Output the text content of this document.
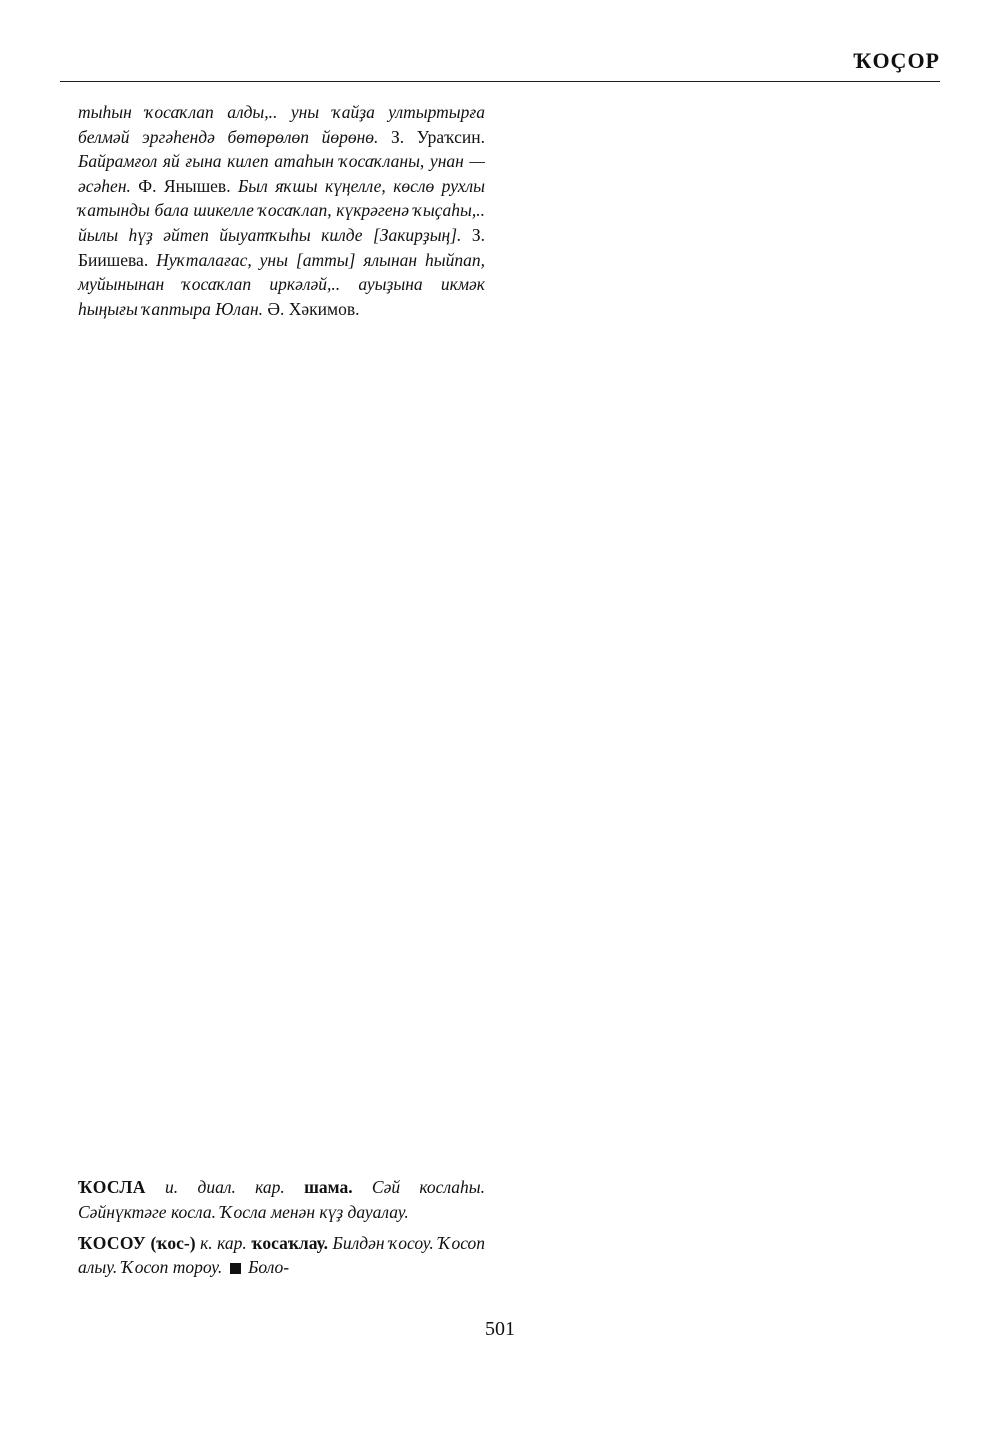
ҠОҪОР

тыһын ҡосаҡлап алды,.. уны ҡайҙа ултыртырға белмәй эргәһендә бөтөрөлөп йөрөнө. З. Ураҡсин. Байрамғол яй ғына килеп атаһын ҡосаҡланы, унан — әсәһен. Ф. Янышев. Был яҡшы күңелле, көслө рухлы ҡатынды бала шикелле ҡосаҡлап, күкрәгенә ҡыҫаһы,.. йылы һүҙ әйтеп йыуатҡыһы килде [Закирҙың]. З. Биишева. Нуҡталағас, уны [атты] ялынан һыйпап, муйынынан ҡосаҡлап иркәләй,.. ауыҙына икмәк һыңығы ҡаптыра Юлан. Ә. Хәкимов.

ҠОСЛА и. диал. кар. шама. Сәй кослаһы. Сәйнүктәге косла. Ҡосла менән күҙ дауалау.

ҠОСОУ (ҡос-) к. кар. ҡосаҡлау. Билдән ҡосоу. Ҡосоп алыу. Ҡосоп тороу. Боло-

501
